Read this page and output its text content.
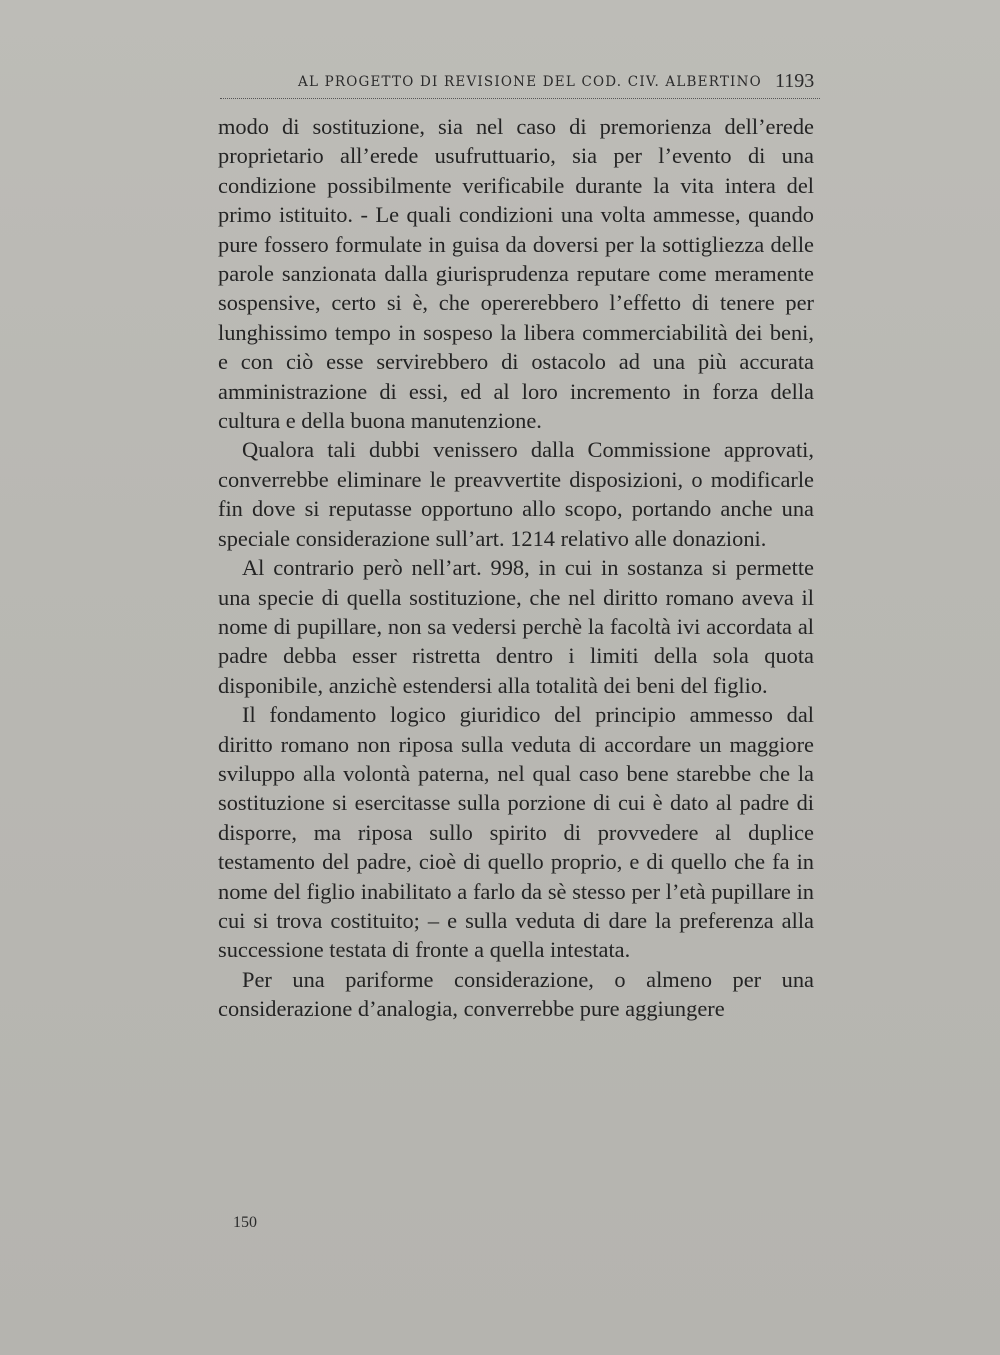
AL PROGETTO DI REVISIONE DEL COD. CIV. ALBERTINO 1193

modo di sostituzione, sia nel caso di premorienza dell’erede proprietario all’erede usufruttuario, sia per l’evento di una condizione possibilmente verificabile durante la vita intera del primo istituito. - Le quali condizioni una volta ammesse, quando pure fossero formulate in guisa da doversi per la sottigliezza delle parole sanzionata dalla giurisprudenza reputare come meramente sospensive, certo si è, che opererebbero l’effetto di tenere per lunghissimo tempo in sospeso la libera commerciabilità dei beni, e con ciò esse servirebbero di ostacolo ad una più accurata amministrazione di essi, ed al loro incremento in forza della cultura e della buona manutenzione.

Qualora tali dubbi venissero dalla Commissione approvati, converrebbe eliminare le preavvertite disposizioni, o modificarle fin dove si reputasse opportuno allo scopo, portando anche una speciale considerazione sull’art. 1214 relativo alle donazioni.

Al contrario però nell’art. 998, in cui in sostanza si permette una specie di quella sostituzione, che nel diritto romano aveva il nome di pupillare, non sa vedersi perchè la facoltà ivi accordata al padre debba esser ristretta dentro i limiti della sola quota disponibile, anzichè estendersi alla totalità dei beni del figlio.

Il fondamento logico giuridico del principio ammesso dal diritto romano non riposa sulla veduta di accordare un maggiore sviluppo alla volontà paterna, nel qual caso bene starebbe che la sostituzione si esercitasse sulla porzione di cui è dato al padre di disporre, ma riposa sullo spirito di provvedere al duplice testamento del padre, cioè di quello proprio, e di quello che fa in nome del figlio inabilitato a farlo da sè stesso per l’età pupillare in cui si trova costituito; – e sulla veduta di dare la preferenza alla successione testata di fronte a quella intestata.

Per una pariforme considerazione, o almeno per una considerazione d’analogia, converrebbe pure aggiungere

150
